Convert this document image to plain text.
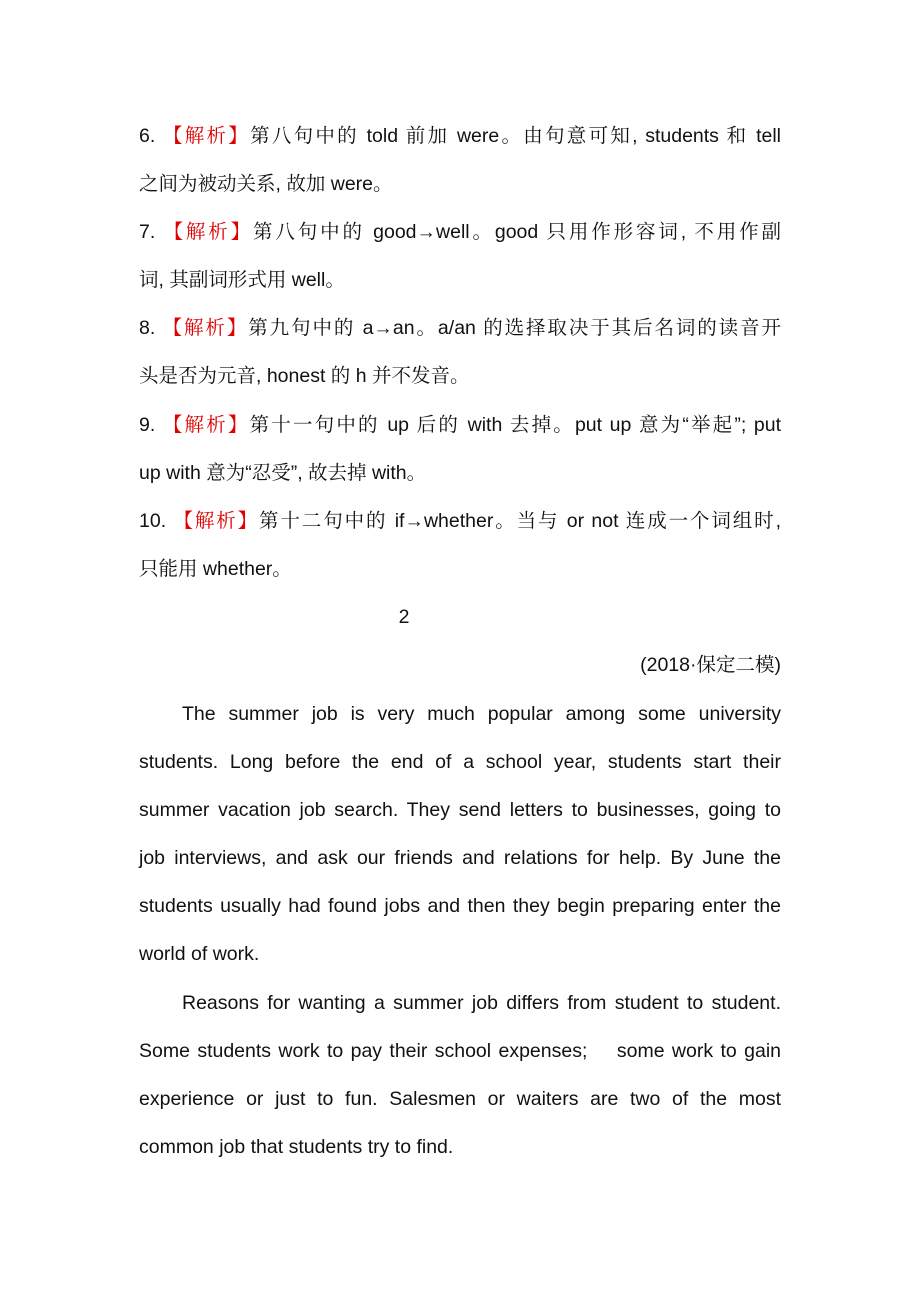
6. 【解析】第八句中的 told 前加 were。由句意可知, students 和 tell
之间为被动关系, 故加 were。
7. 【解析】第八句中的 good→well。good 只用作形容词, 不用作副
词, 其副词形式用 well。
8. 【解析】第九句中的 a→an。a/an 的选择取决于其后名词的读音开
头是否为元音, honest 的 h 并不发音。
9. 【解析】第十一句中的 up 后的 with 去掉。put up 意为“举起”; put
up with 意为“忍受”, 故去掉 with。
10. 【解析】第十二句中的 if→whether。当与 or not 连成一个词组时,
只能用 whether。
2
(2018·保定二模)
The summer job is very much popular among some university
students. Long before the end of a school year, students start their
summer vacation job search. They send letters to businesses, going to
job interviews, and ask our friends and relations for help. By June the
students usually had found jobs and then they begin preparing enter the
world of work.
Reasons for wanting a summer job differs from student to student.
Some students work to pay their school expenses;    some work to gain
experience or just to fun. Salesmen or waiters are two of the most
common job that students try to find.
